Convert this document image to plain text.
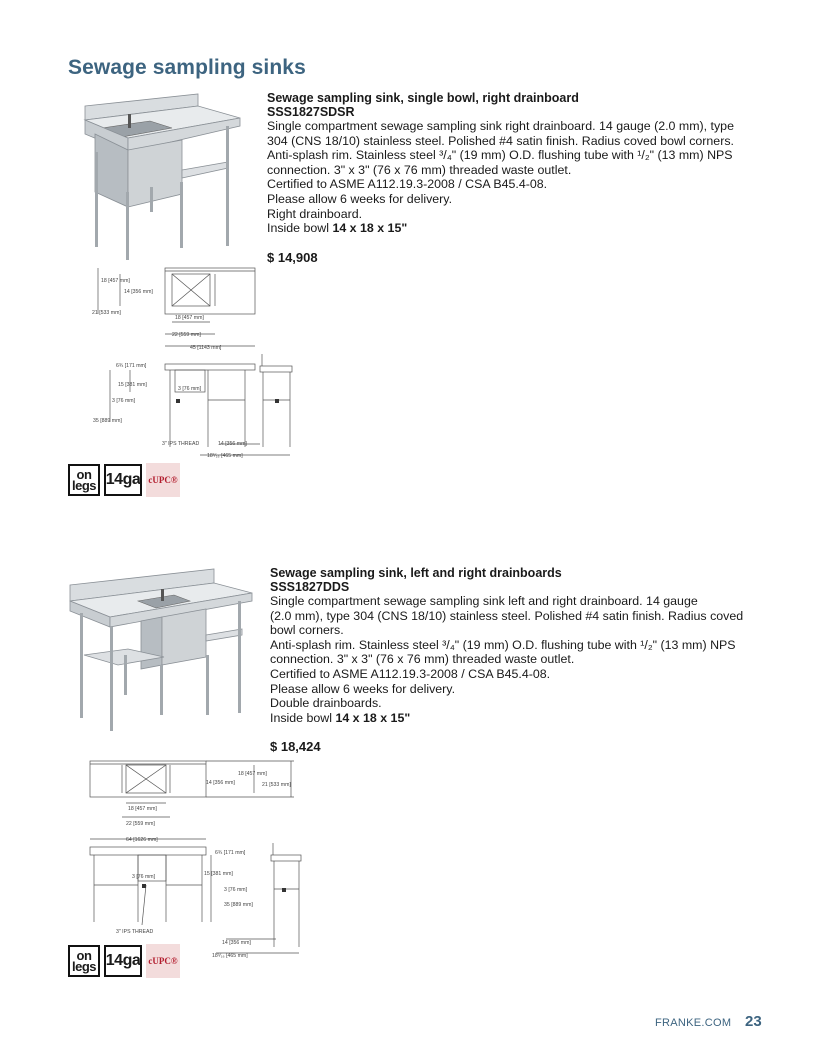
Sewage sampling sinks
Sewage sampling sink, single bowl, right drainboard
SSS1827SDSR
Single compartment sewage sampling sink right drainboard. 14 gauge (2.0 mm), type
304 (CNS 18/10) stainless steel. Polished #4 satin finish. Radius coved bowl corners.
Anti-splash rim. Stainless steel ³/₄" (19 mm) O.D. flushing tube with ¹/₂" (13 mm) NPS
connection. 3" x 3" (76 x 76 mm) threaded waste outlet.
Certified to ASME A112.19.3-2008 / CSA B45.4-08.
Please allow 6 weeks for delivery.
Right drainboard.
Inside bowl 14 x 18 x 15"
$ 14,908
18 [457 mm]
14 [356 mm]
21 [533 mm]
18 [457 mm]
22 [559 mm]
45 [1143 mm]
6¾ [171 mm]
15 [381 mm]
3 [76 mm]
3 [76 mm]
35 [889 mm]
3" IPS THREAD	14 [356 mm]
18⁵⁄₁₆ [465 mm]
on
legs 14ga cUPC®
Sewage sampling sink, left and right drainboards
SSS1827DDS
Single compartment sewage sampling sink left and right drainboard. 14 gauge
(2.0 mm), type 304 (CNS 18/10) stainless steel. Polished #4 satin finish. Radius coved
bowl corners.
Anti-splash rim. Stainless steel ³/₄" (19 mm) O.D. flushing tube with ¹/₂" (13 mm) NPS
connection. 3" x 3" (76 x 76 mm) threaded waste outlet.
Certified to ASME A112.19.3-2008 / CSA B45.4-08.
Please allow 6 weeks for delivery.
Double drainboards.
Inside bowl 14 x 18 x 15"
$ 18,424
18 [457 mm]
14 [356 mm]	21 [533 mm]
18 [457 mm]
22 [559 mm]
64 [1626 mm]
6¾ [171 mm]
15 [381 mm]
3 [76 mm]
3 [76 mm]
35 [889 mm]
3" IPS THREAD
14 [356 mm]
18⁵⁄₁₆ [465 mm]
on
legs 14ga cUPC®
FRANKE.COM 23
